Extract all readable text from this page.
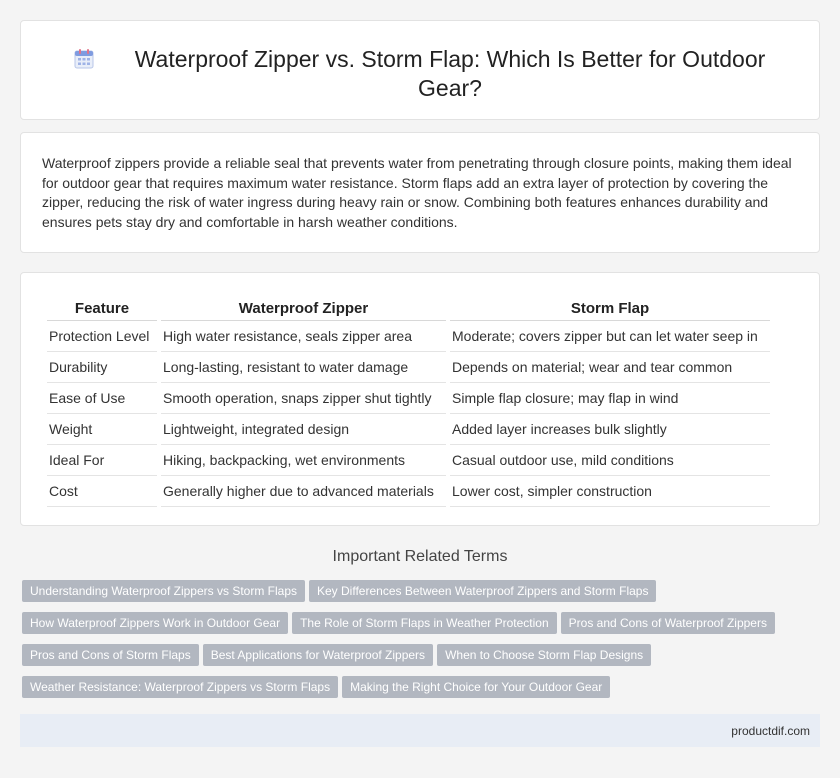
Waterproof Zipper vs. Storm Flap: Which Is Better for Outdoor Gear?

Waterproof zippers provide a reliable seal that prevents water from penetrating through closure points, making them ideal for outdoor gear that requires maximum water resistance. Storm flaps add an extra layer of protection by covering the zipper, reducing the risk of water ingress during heavy rain or snow. Combining both features enhances durability and ensures pets stay dry and comfortable in harsh weather conditions.

Feature	Waterproof Zipper	Storm Flap
Protection Level	High water resistance, seals zipper area	Moderate; covers zipper but can let water seep in
Durability	Long-lasting, resistant to water damage	Depends on material; wear and tear common
Ease of Use	Smooth operation, snaps zipper shut tightly	Simple flap closure; may flap in wind
Weight	Lightweight, integrated design	Added layer increases bulk slightly
Ideal For	Hiking, backpacking, wet environments	Casual outdoor use, mild conditions
Cost	Generally higher due to advanced materials	Lower cost, simpler construction
Important Related Terms
Understanding Waterproof Zippers vs Storm Flaps Key Differences Between Waterproof Zippers and Storm Flaps
How Waterproof Zippers Work in Outdoor Gear The Role of Storm Flaps in Weather Protection Pros and Cons of Waterproof Zippers
Pros and Cons of Storm Flaps Best Applications for Waterproof Zippers When to Choose Storm Flap Designs
Weather Resistance: Waterproof Zippers vs Storm Flaps Making the Right Choice for Your Outdoor Gear
productdif.com
